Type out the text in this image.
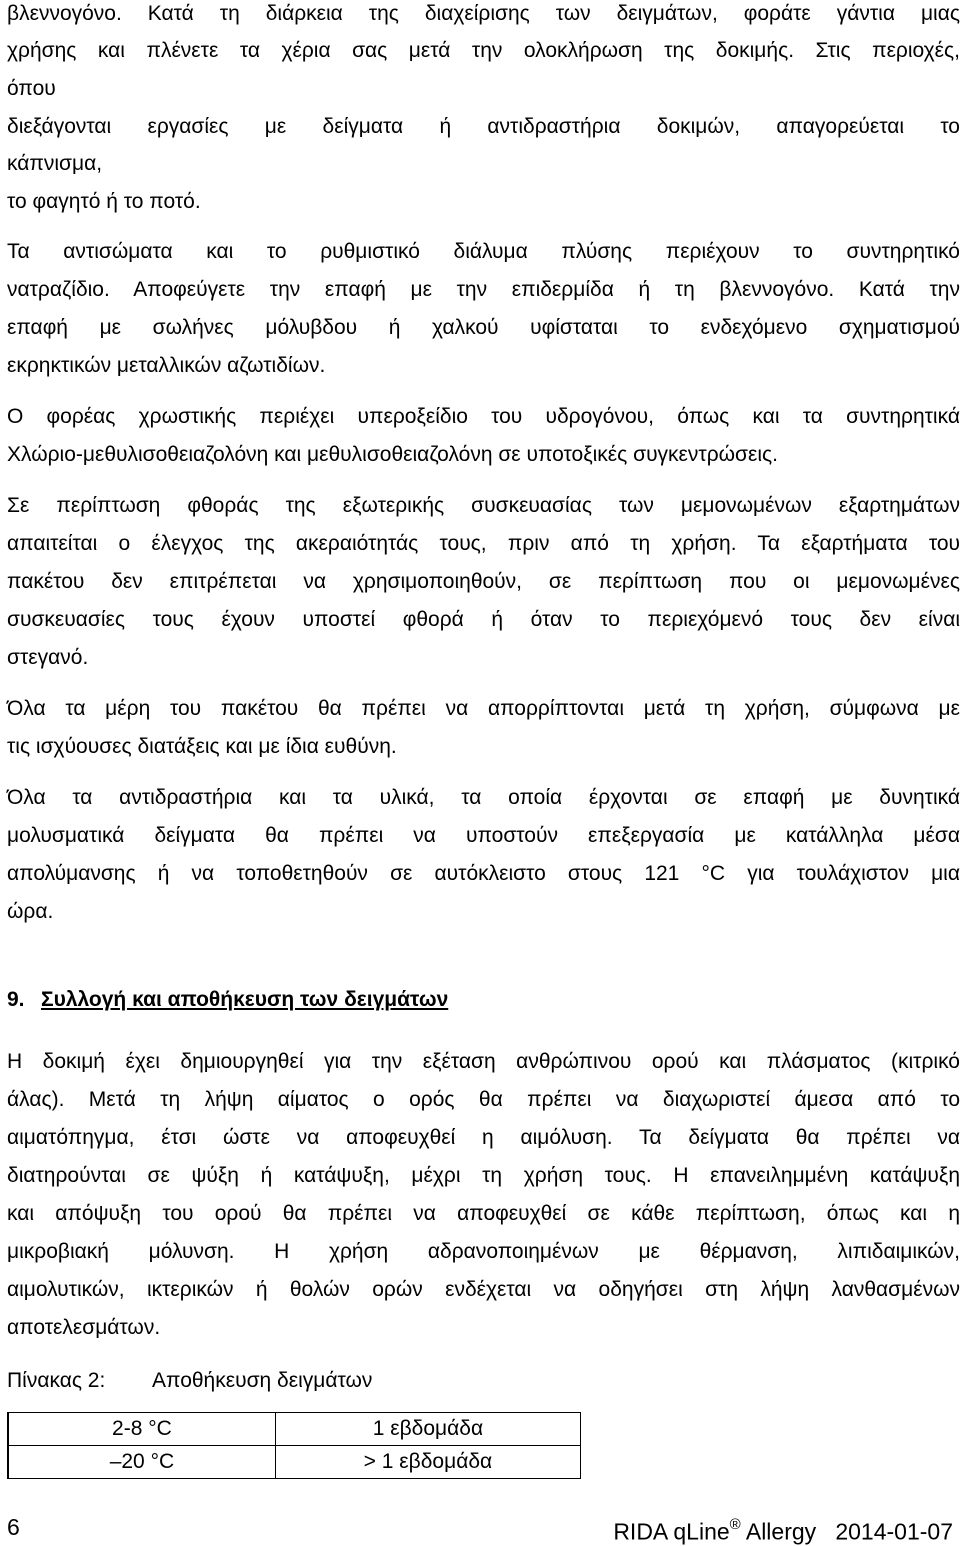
βλεννογόνο. Κατά τη διάρκεια της διαχείρισης των δειγμάτων, φοράτε γάντια μιας
χρήσης και πλένετε τα χέρια σας μετά την ολοκλήρωση της δοκιμής. Στις περιοχές,
όπου
διεξάγονται εργασίες με δείγματα ή αντιδραστήρια δοκιμών, απαγορεύεται το
κάπνισμα,
το φαγητό ή το ποτό.
Τα αντισώματα και το ρυθμιστικό διάλυμα πλύσης περιέχουν το συντηρητικό
νατραζίδιο. Αποφεύγετε την επαφή με την επιδερμίδα ή τη βλεννογόνο. Κατά την
επαφή με σωλήνες μόλυβδου ή χαλκού υφίσταται το ενδεχόμενο σχηματισμού
εκρηκτικών μεταλλικών αζωτιδίων.
Ο φορέας χρωστικής περιέχει υπεροξείδιο του υδρογόνου, όπως και τα συντηρητικά
Χλώριο-μεθυλισοθειαζολόνη και μεθυλισοθειαζολόνη σε υποτοξικές συγκεντρώσεις.
Σε περίπτωση φθοράς της εξωτερικής συσκευασίας των μεμονωμένων εξαρτημάτων
απαιτείται ο έλεγχος της ακεραιότητάς τους, πριν από τη χρήση. Τα εξαρτήματα του
πακέτου δεν επιτρέπεται να χρησιμοποιηθούν, σε περίπτωση που οι μεμονωμένες
συσκευασίες τους έχουν υποστεί φθορά ή όταν το περιεχόμενό τους δεν είναι
στεγανό.
Όλα τα μέρη του πακέτου θα πρέπει να απορρίπτονται μετά τη χρήση, σύμφωνα με
τις ισχύουσες διατάξεις και με ίδια ευθύνη.
Όλα τα αντιδραστήρια και τα υλικά, τα οποία έρχονται σε επαφή με δυνητικά
μολυσματικά δείγματα θα πρέπει να υποστούν επεξεργασία με κατάλληλα μέσα
απολύμανσης ή να τοποθετηθούν σε αυτόκλειστο στους 121 °C για τουλάχιστον μια
ώρα.
9. Συλλογή και αποθήκευση των δειγμάτων
Η δοκιμή έχει δημιουργηθεί για την εξέταση ανθρώπινου ορού και πλάσματος (κιτρικό
άλας). Μετά τη λήψη αίματος ο ορός θα πρέπει να διαχωριστεί άμεσα από το
αιματόπηγμα, έτσι ώστε να αποφευχθεί η αιμόλυση. Τα δείγματα θα πρέπει να
διατηρούνται σε ψύξη ή κατάψυξη, μέχρι τη χρήση τους. Η επανειλημμένη κατάψυξη
και απόψυξη του ορού θα πρέπει να αποφευχθεί σε κάθε περίπτωση, όπως και η
μικροβιακή μόλυνση. Η χρήση αδρανοποιημένων με θέρμανση, λιπιδαιμικών,
αιμολυτικών, ικτερικών ή θολών ορών ενδέχεται να οδηγήσει στη λήψη λανθασμένων
αποτελεσμάτων.
Πίνακας 2: Αποθήκευση δειγμάτων
	2-8 °C	1 εβδομάδα
	–20 °C	> 1 εβδομάδα
6	RIDA qLine® Allergy 2014-01-07
